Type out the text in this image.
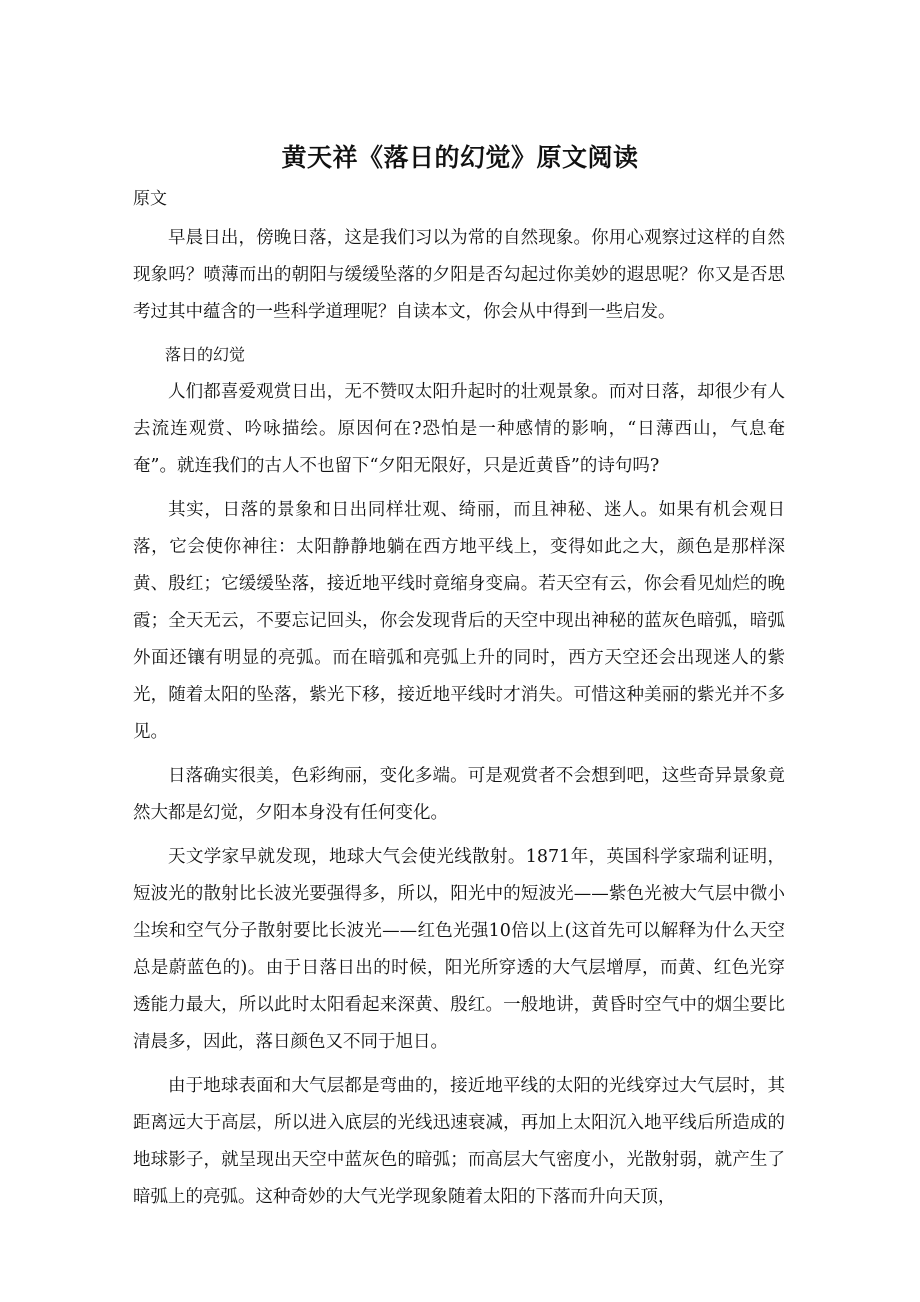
黄天祥《落日的幻觉》原文阅读
原文

早晨日出，傍晚日落，这是我们习以为常的自然现象。你用心观察过这样的自然现象吗？喷薄而出的朝阳与缓缓坠落的夕阳是否勾起过你美妙的遐思呢？你又是否思考过其中蕴含的一些科学道理呢？自读本文，你会从中得到一些启发。

落日的幻觉

人们都喜爱观赏日出，无不赞叹太阳升起时的壮观景象。而对日落，却很少有人去流连观赏、吟咏描绘。原因何在?恐怕是一种感情的影响，“日薄西山，气息奄奄”。就连我们的古人不也留下“夕阳无限好，只是近黄昏”的诗句吗?

其实，日落的景象和日出同样壮观、绮丽，而且神秘、迷人。如果有机会观日落，它会使你神往：太阳静静地躺在西方地平线上，变得如此之大，颜色是那样深黄、殷红；它缓缓坠落，接近地平线时竟缩身变扁。若天空有云，你会看见灿烂的晚霞；全天无云，不要忘记回头，你会发现背后的天空中现出神秘的蓝灰色暗弧，暗弧外面还镶有明显的亮弧。而在暗弧和亮弧上升的同时，西方天空还会出现迷人的紫光，随着太阳的坠落，紫光下移，接近地平线时才消失。可惜这种美丽的紫光并不多见。

日落确实很美，色彩绚丽，变化多端。可是观赏者不会想到吧，这些奇异景象竟然大都是幻觉，夕阳本身没有任何变化。

天文学家早就发现，地球大气会使光线散射。1871年，英国科学家瑞利证明，短波光的散射比长波光要强得多，所以，阳光中的短波光——紫色光被大气层中微小尘埃和空气分子散射要比长波光——红色光强10倍以上(这首先可以解释为什么天空总是蔚蓝色的)。由于日落日出的时候，阳光所穿透的大气层增厚，而黄、红色光穿透能力最大，所以此时太阳看起来深黄、殷红。一般地讲，黄昏时空气中的烟尘要比清晨多，因此，落日颜色又不同于旭日。

由于地球表面和大气层都是弯曲的，接近地平线的太阳的光线穿过大气层时，其距离远大于高层，所以进入底层的光线迅速衰减，再加上太阳沉入地平线后所造成的地球影子，就呈现出天空中蓝灰色的暗弧；而高层大气密度小，光散射弱，就产生了暗弧上的亮弧。这种奇妙的大气光学现象随着太阳的下落而升向天顶，
